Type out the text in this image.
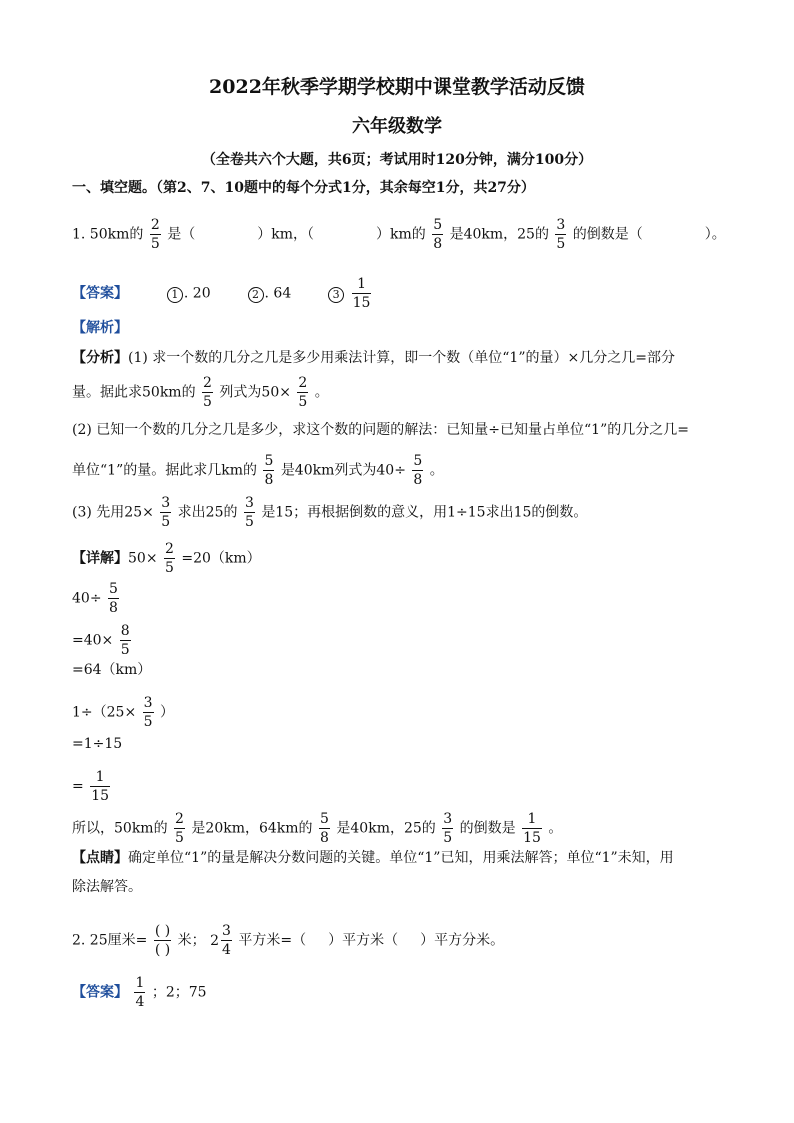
2022年秋季学期学校期中课堂教学活动反馈
六年级数学
（全卷共六个大题，共6页；考试用时120分钟，满分100分）
一、填空题。（第2、7、10题中的每个分式1分，其余每空1分，共27分）
1. 50km的 $\frac{2}{5}$ 是（	）km，（	）km的 $\frac{5}{8}$ 是40km，25的 $\frac{3}{5}$ 的倒数是（	）。
【答案】	1 . 20	2 . 64	$3 \frac{1}{15}$
【解析】
【分析】(1) 求一个数的几分之几是多少用乘法计算，即一个数（单位“1”的量）×几分之几=部分
量。据此求50km的 $\frac{2}{5}$ 列式为$50\times \frac{2}{5}$ 。
(2) 已知一个数的几分之几是多少，求这个数的问题的解法：已知量÷已知量占单位“1”的几分之几=
单位“1”的量。据此求几km的 $\frac{5}{8}$ 是40km列式为$40\div \frac{5}{8}$ 。
(3) 先用$25\times \frac{3}{5}$ 求出25的 $\frac{3}{5}$ 是15；再根据倒数的意义，用1÷15求出15的倒数。
【详解】$50\times \frac{2}{5} =20(km)$
$40\div \frac{5}{8}$
$=40\times \frac{8}{5}$
=64（km）
$1\div(25\times \frac{3}{5}$ ）
=1÷15
= $\frac{1}{15}$
所以，50km的 $\frac{2}{5}$ 是20km，64km的 $\frac{5}{8}$ 是40km，25的 $\frac{3}{5}$ 的倒数是 $\frac{1}{15}$ 。
【点睛】确定单位“1”的量是解决分数问题的关键。单位“1”已知，用乘法解答；单位“1”未知，用
除法解答。
2. 25厘米=
( )
( )
米； 2
3
4
平方米=（ ）平方米（ ）平方分米。
【答案】 $\frac{1}{4}$ ；2；75
